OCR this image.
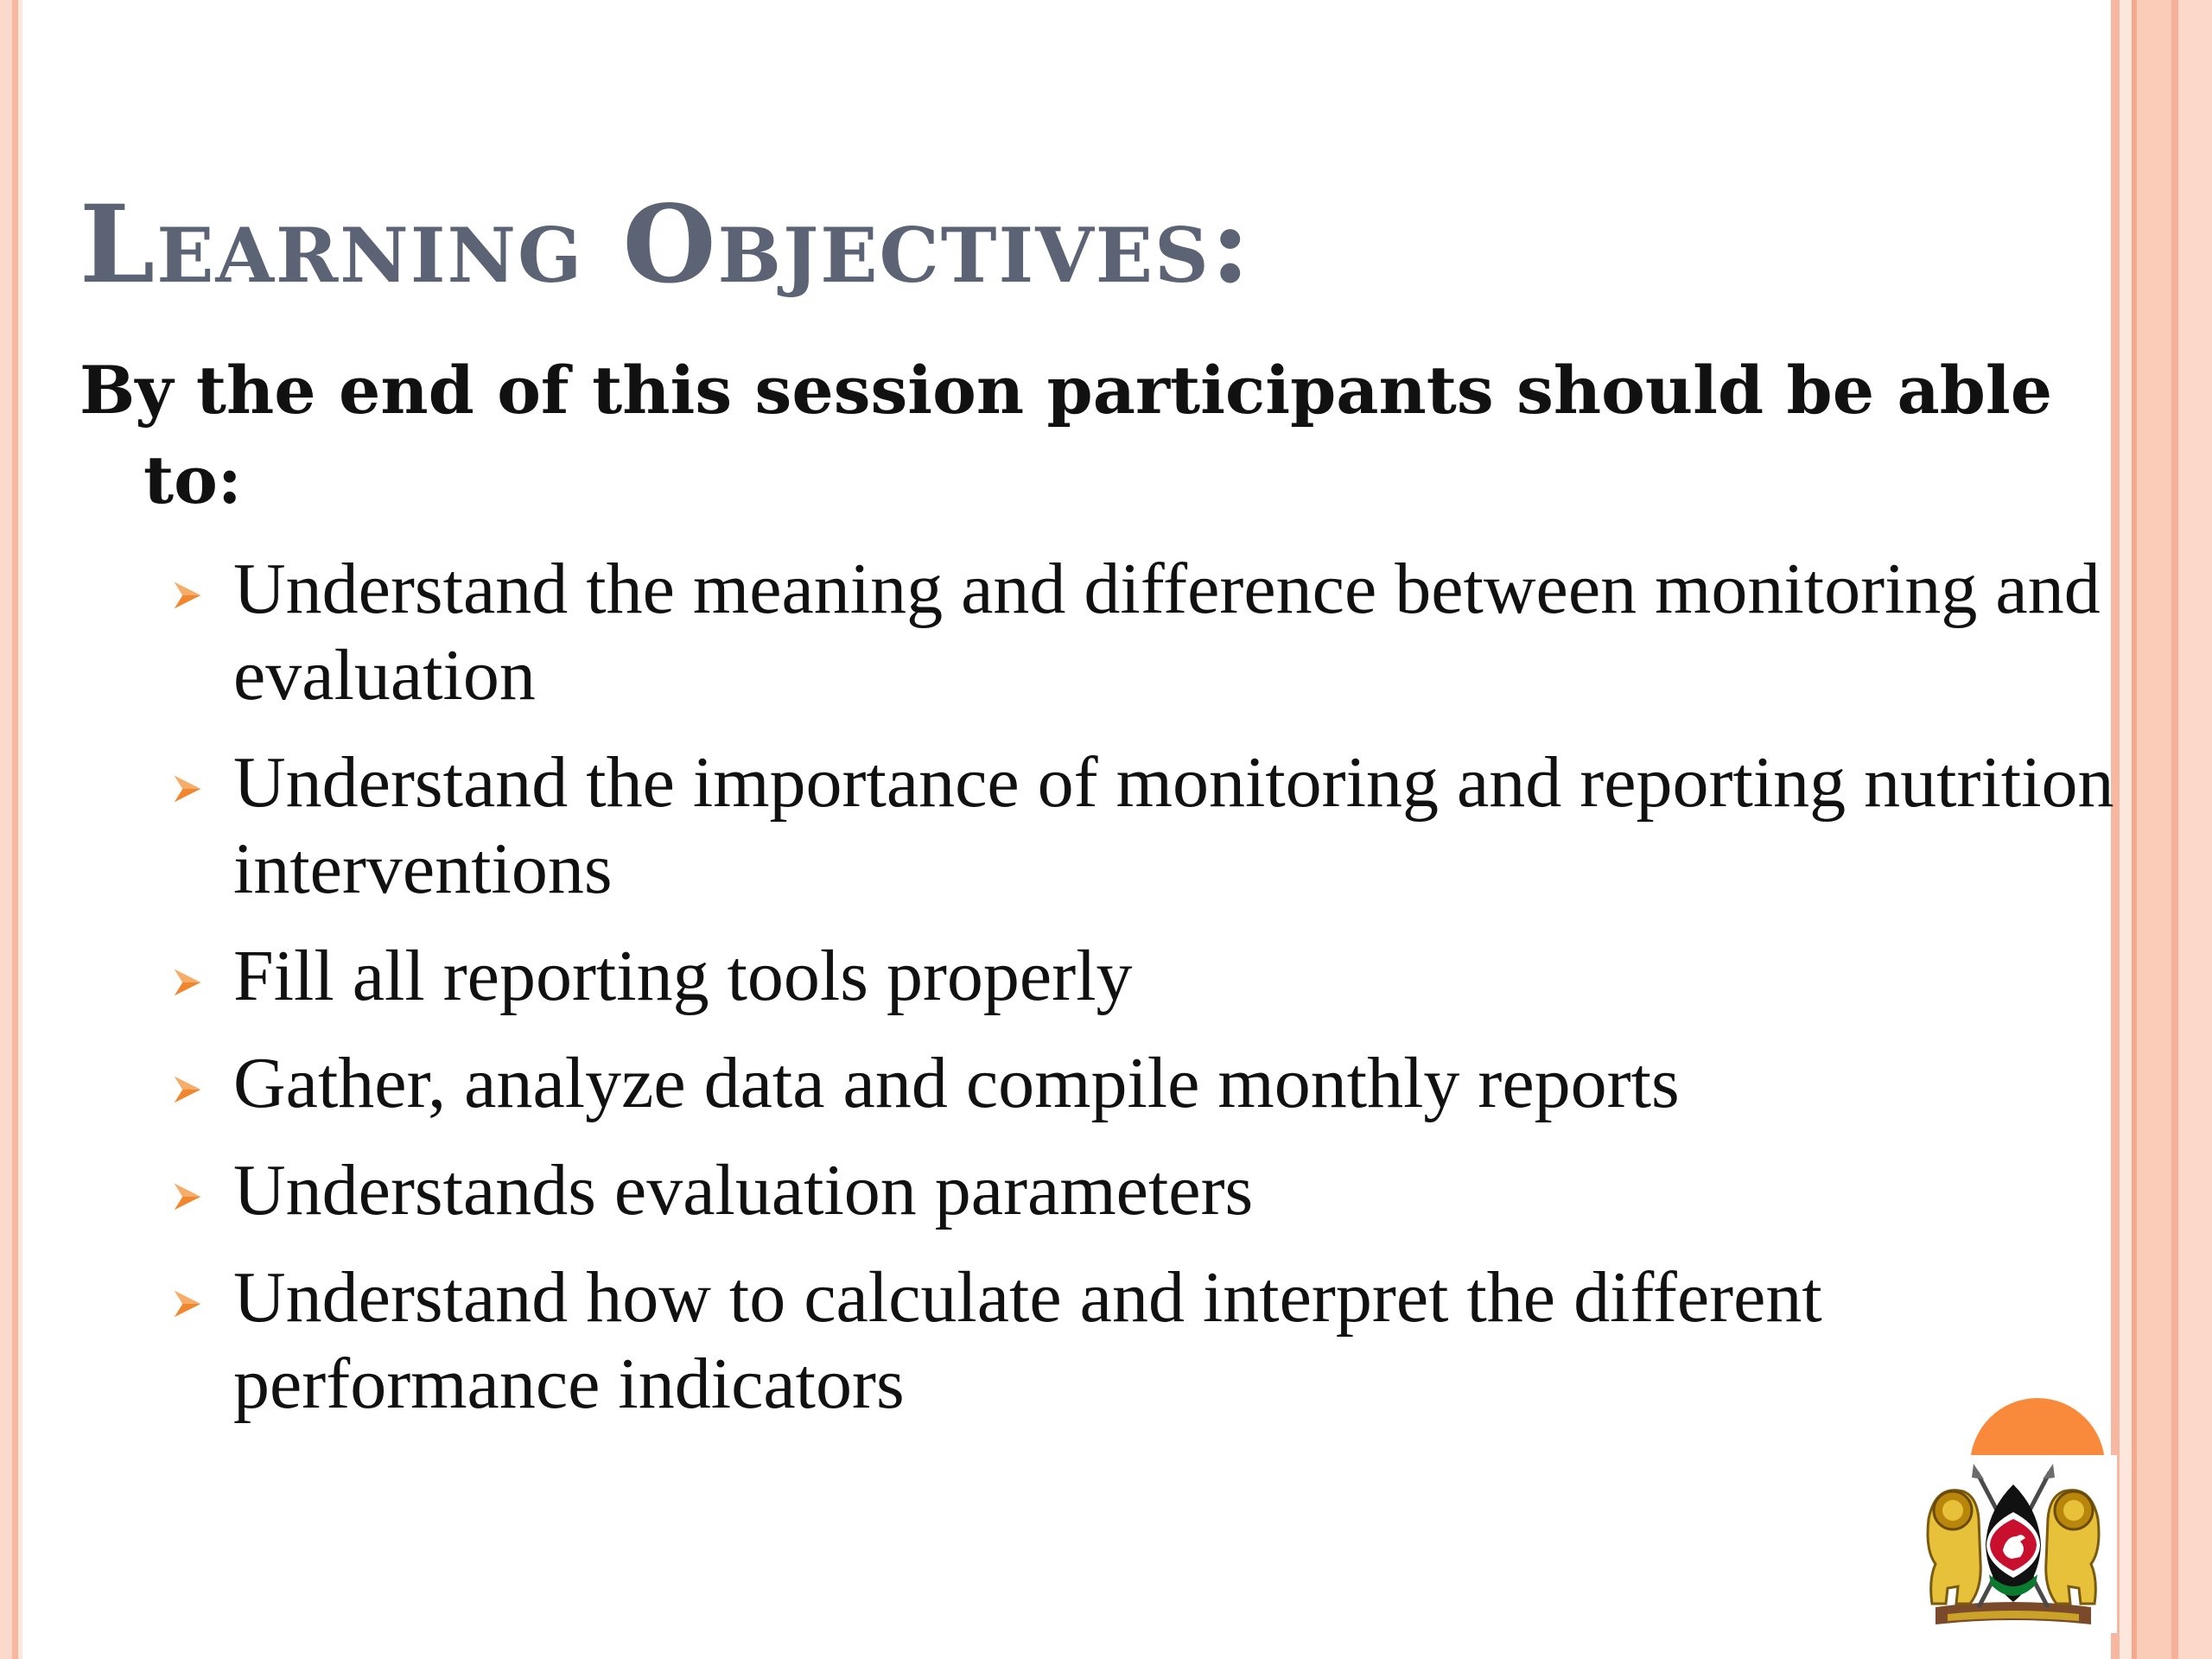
Learning Objectives:

By the end of this session participants should be able to:

Understand the meaning and difference between monitoring and evaluation
Understand the importance of monitoring and reporting nutrition interventions
Fill all reporting tools properly
Gather, analyze data and compile monthly reports
Understands evaluation parameters
Understand how to calculate and interpret the different performance indicators
